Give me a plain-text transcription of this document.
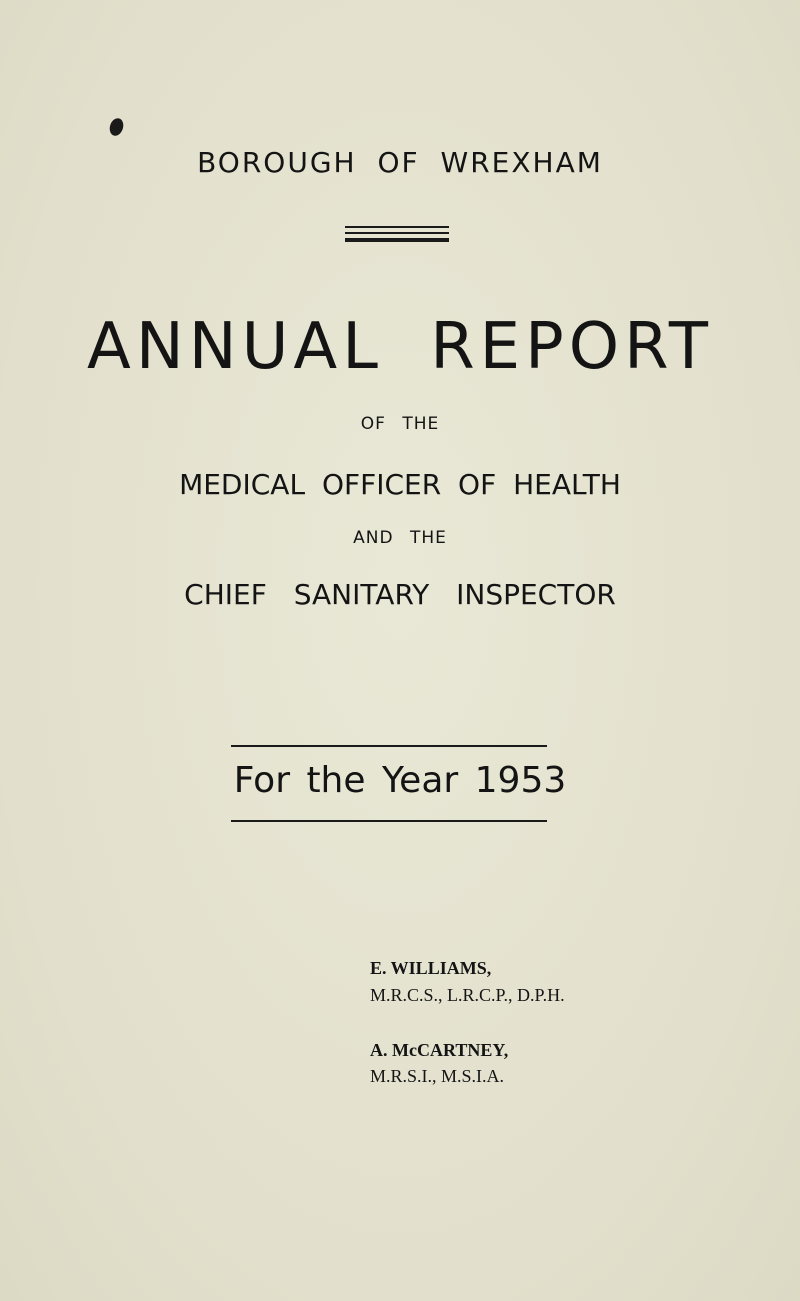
BOROUGH OF WREXHAM
ANNUAL REPORT
OF THE
MEDICAL OFFICER OF HEALTH
AND THE
CHIEF SANITARY INSPECTOR
For the Year 1953
E. WILLIAMS,
M.R.C.S., L.R.C.P., D.P.H.
A. McCARTNEY,
M.R.S.I., M.S.I.A.
